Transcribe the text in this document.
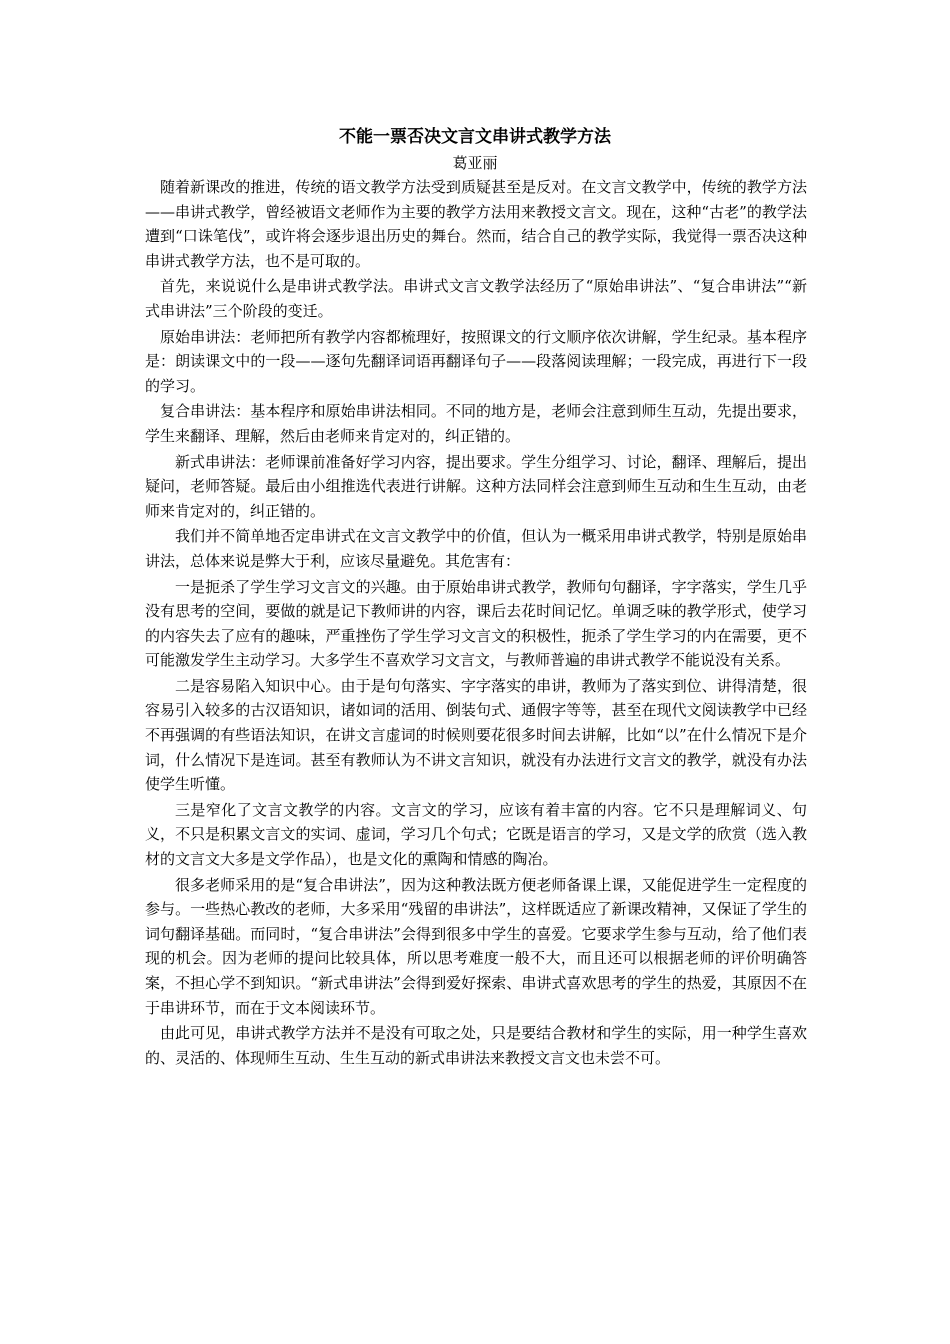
不能一票否决文言文串讲式教学方法
葛亚丽

随着新课改的推进，传统的语文教学方法受到质疑甚至是反对。在文言文教学中，传统的教学方法——串讲式教学，曾经被语文老师作为主要的教学方法用来教授文言文。现在，这种“古老”的教学法遭到“口诛笔伐”，或许将会逐步退出历史的舞台。然而，结合自己的教学实际，我觉得一票否决这种串讲式教学方法，也不是可取的。

首先，来说说什么是串讲式教学法。串讲式文言文教学法经历了“原始串讲法”、“复合串讲法”“新式串讲法”三个阶段的变迁。

原始串讲法：老师把所有教学内容都梳理好，按照课文的行文顺序依次讲解，学生纪录。基本程序是：朗读课文中的一段——逐句先翻译词语再翻译句子——段落阅读理解；一段完成，再进行下一段的学习。

复合串讲法：基本程序和原始串讲法相同。不同的地方是，老师会注意到师生互动，先提出要求，学生来翻译、理解，然后由老师来肯定对的，纠正错的。

新式串讲法：老师课前准备好学习内容，提出要求。学生分组学习、讨论，翻译、理解后，提出疑问，老师答疑。最后由小组推选代表进行讲解。这种方法同样会注意到师生互动和生生互动，由老师来肯定对的，纠正错的。

我们并不简单地否定串讲式在文言文教学中的价值，但认为一概采用串讲式教学，特别是原始串讲法，总体来说是弊大于利，应该尽量避免。其危害有：

一是扼杀了学生学习文言文的兴趣。由于原始串讲式教学，教师句句翻译，字字落实，学生几乎没有思考的空间，要做的就是记下教师讲的内容，课后去花时间记忆。单调乏味的教学形式，使学习的内容失去了应有的趣味，严重挫伤了学生学习文言文的积极性，扼杀了学生学习的内在需要，更不可能激发学生主动学习。大多学生不喜欢学习文言文，与教师普遍的串讲式教学不能说没有关系。

二是容易陷入知识中心。由于是句句落实、字字落实的串讲，教师为了落实到位、讲得清楚，很容易引入较多的古汉语知识，诸如词的活用、倒装句式、通假字等等，甚至在现代文阅读教学中已经不再强调的有些语法知识，在讲文言虚词的时候则要花很多时间去讲解，比如“以”在什么情况下是介词，什么情况下是连词。甚至有教师认为不讲文言知识，就没有办法进行文言文的教学，就没有办法使学生听懂。

三是窄化了文言文教学的内容。文言文的学习，应该有着丰富的内容。它不只是理解词义、句义，不只是积累文言文的实词、虚词，学习几个句式；它既是语言的学习，又是文学的欣赏（选入教材的文言文大多是文学作品），也是文化的熏陶和情感的陶冶。

很多老师采用的是“复合串讲法”，因为这种教法既方便老师备课上课，又能促进学生一定程度的参与。一些热心教改的老师，大多采用“残留的串讲法”，这样既适应了新课改精神，又保证了学生的词句翻译基础。而同时，“复合串讲法”会得到很多中学生的喜爱。它要求学生参与互动，给了他们表现的机会。因为老师的提问比较具体，所以思考难度一般不大，而且还可以根据老师的评价明确答案，不担心学不到知识。“新式串讲法”会得到爱好探索、串讲式喜欢思考的学生的热爱，其原因不在于串讲环节，而在于文本阅读环节。

由此可见，串讲式教学方法并不是没有可取之处，只是要结合教材和学生的实际，用一种学生喜欢的、灵活的、体现师生互动、生生互动的新式串讲法来教授文言文也未尝不可。
